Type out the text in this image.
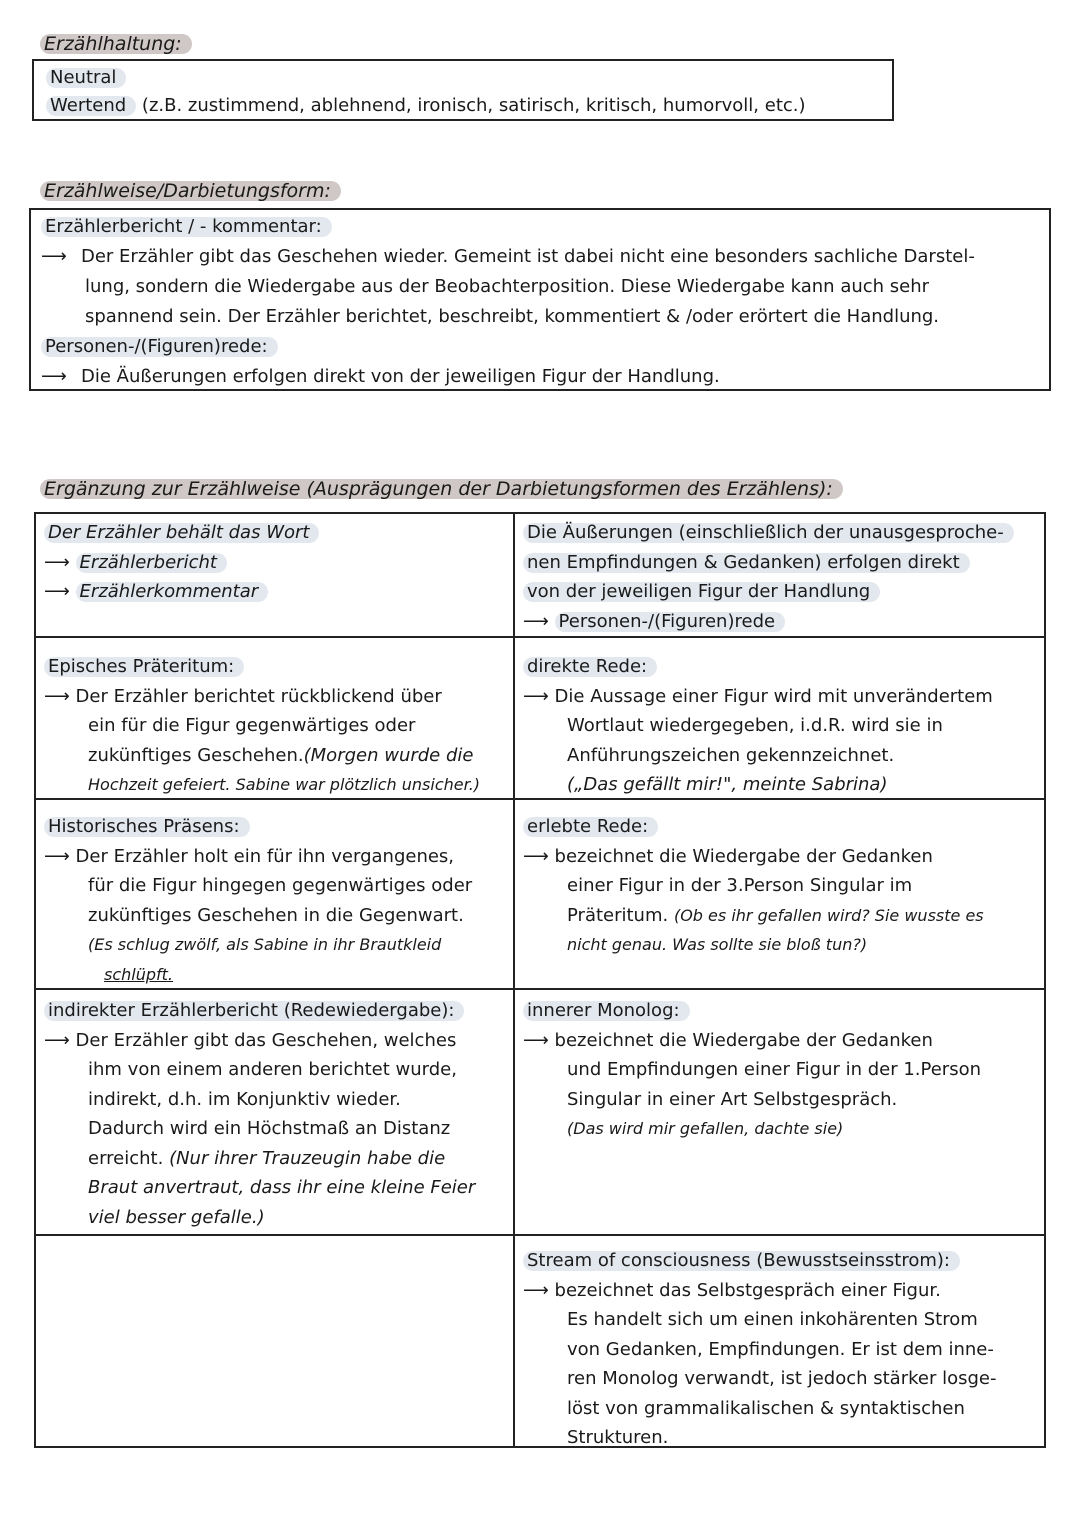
Erzählhaltung:
Neutral
Wertend (z.B. zustimmend, ablehnend, ironisch, satirisch, kritisch, humorvoll, etc.)
Erzählweise/Darbietungsform:

Erzählerbericht / - kommentar:

⟶ Der Erzähler gibt das Geschehen wieder. Gemeint ist dabei nicht eine besonders sachliche Darstel-

lung, sondern die Wiedergabe aus der Beobachterposition. Diese Wiedergabe kann auch sehr

spannend sein. Der Erzähler berichtet, beschreibt, kommentiert & /oder erörtert die Handlung.

Personen-/(Figuren)rede:

⟶ Die Äußerungen erfolgen direkt von der jeweiligen Figur der Handlung.

Ergänzung zur Erzählweise (Ausprägungen der Darbietungsformen des Erzählens):

Der Erzähler behält das Wort

⟶ Erzählerbericht

⟶ Erzählerkommentar

Die Äußerungen (einschließlich der unausgesproche-

nen Empfindungen & Gedanken) erfolgen direkt

von der jeweiligen Figur der Handlung

⟶ Personen-/(Figuren)rede

Episches Präteritum:

⟶ Der Erzähler berichtet rückblickend über

ein für die Figur gegenwärtiges oder

zukünftiges Geschehen.(Morgen wurde die

Hochzeit gefeiert. Sabine war plötzlich unsicher.)

direkte Rede:

⟶ Die Aussage einer Figur wird mit unverändertem

Wortlaut wiedergegeben, i.d.R. wird sie in

Anführungszeichen gekennzeichnet.

(„Das gefällt mir!", meinte Sabrina)

Historisches Präsens:

⟶ Der Erzähler holt ein für ihn vergangenes,

für die Figur hingegen gegenwärtiges oder

zukünftiges Geschehen in die Gegenwart.

(Es schlug zwölf, als Sabine in ihr Brautkleid

schlüpft.

erlebte Rede:

⟶ bezeichnet die Wiedergabe der Gedanken

einer Figur in der 3.Person Singular im

Präteritum. (Ob es ihr gefallen wird? Sie wusste es

nicht genau. Was sollte sie bloß tun?)

indirekter Erzählerbericht (Redewiedergabe):

⟶ Der Erzähler gibt das Geschehen, welches

ihm von einem anderen berichtet wurde,

indirekt, d.h. im Konjunktiv wieder.

Dadurch wird ein Höchstmaß an Distanz

erreicht. (Nur ihrer Trauzeugin habe die

Braut anvertraut, dass ihr eine kleine Feier

viel besser gefalle.)

innerer Monolog:

⟶ bezeichnet die Wiedergabe der Gedanken

und Empfindungen einer Figur in der 1.Person

Singular in einer Art Selbstgespräch.

(Das wird mir gefallen, dachte sie)

Stream of consciousness (Bewusstseinsstrom):

⟶ bezeichnet das Selbstgespräch einer Figur.

Es handelt sich um einen inkohärenten Strom

von Gedanken, Empfindungen. Er ist dem inne-

ren Monolog verwandt, ist jedoch stärker losge-

löst von grammalikalischen & syntaktischen

Strukturen.
